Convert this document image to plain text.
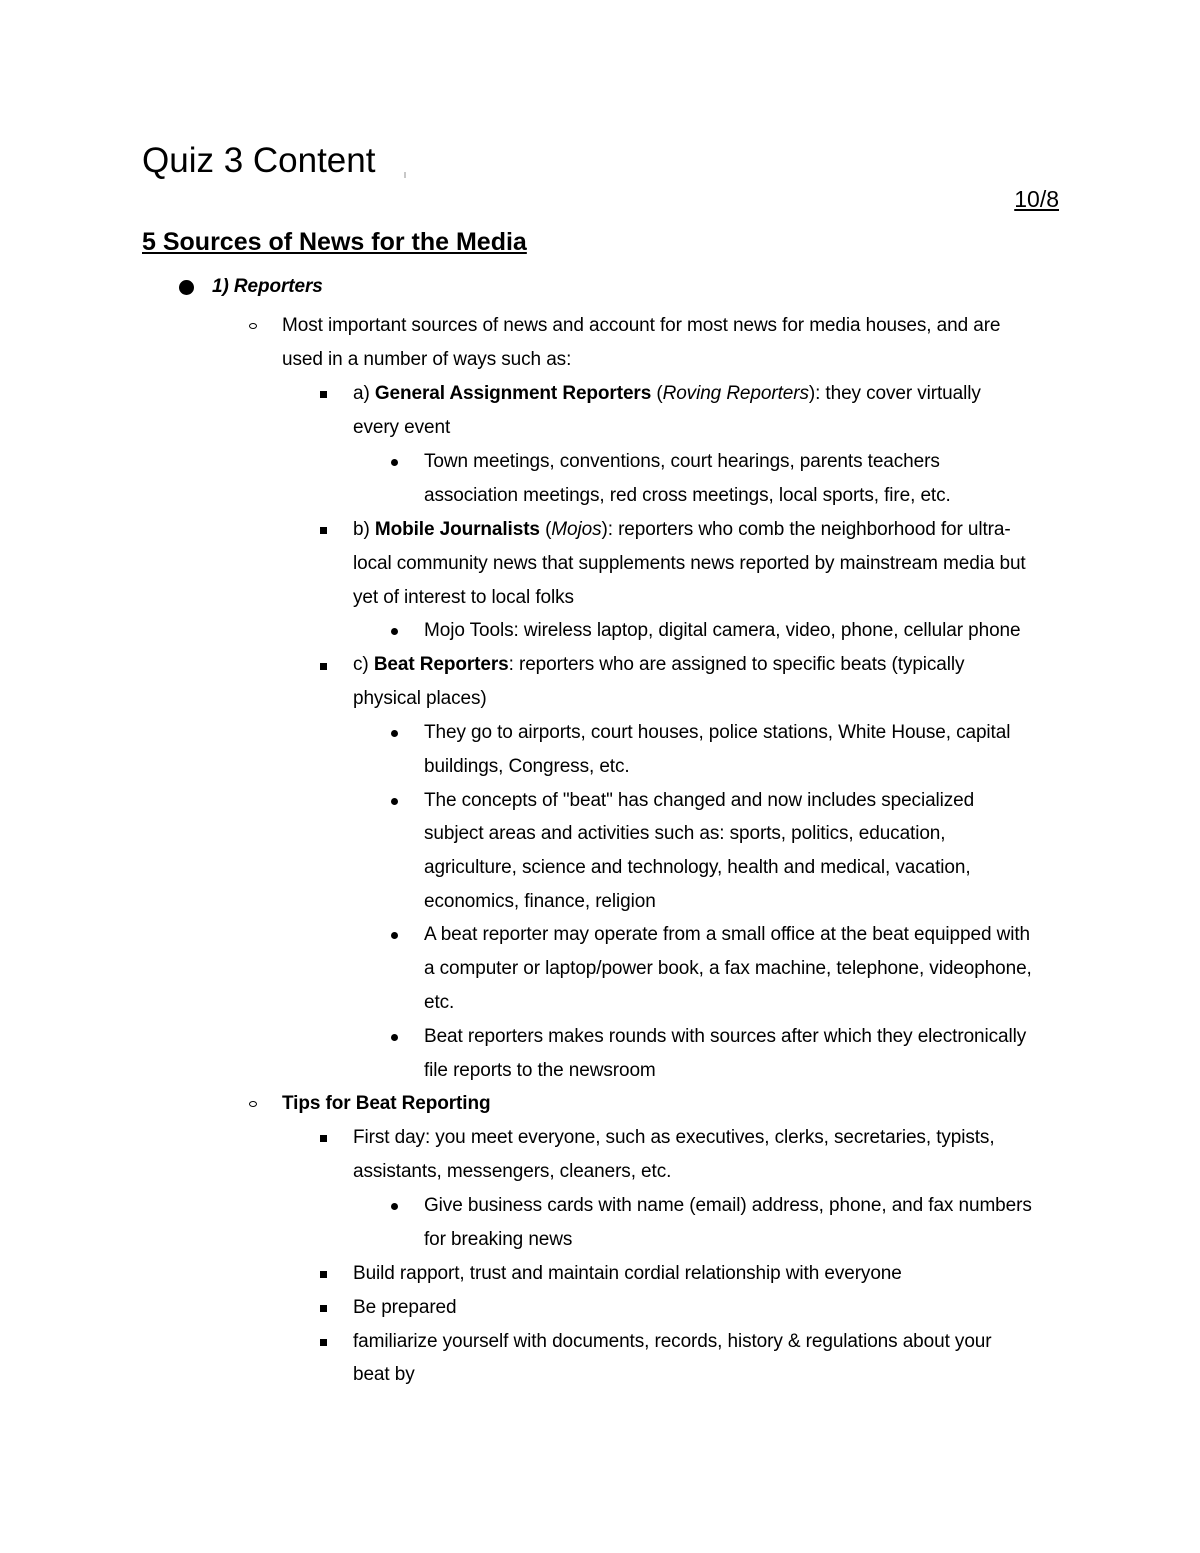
Quiz 3 Content
10/8
5 Sources of News for the Media
1) Reporters
Most important sources of news and account for most news for media houses, and are
used in a number of ways such as:
a) General Assignment Reporters (Roving Reporters): they cover virtually
every event
Town meetings, conventions, court hearings, parents teachers
association meetings, red cross meetings, local sports, fire, etc.
b) Mobile Journalists (Mojos): reporters who comb the neighborhood for ultra-
local community news that supplements news reported by mainstream media but
yet of interest to local folks
Mojo Tools: wireless laptop, digital camera, video, phone, cellular phone
c) Beat Reporters: reporters who are assigned to specific beats (typically
physical places)
They go to airports, court houses, police stations, White House, capital
buildings, Congress, etc.
The concepts of "beat" has changed and now includes specialized
subject areas and activities such as: sports, politics, education,
agriculture, science and technology, health and medical, vacation,
economics, finance, religion
A beat reporter may operate from a small office at the beat equipped with
a computer or laptop/power book, a fax machine, telephone, videophone,
etc.
Beat reporters makes rounds with sources after which they electronically
file reports to the newsroom
Tips for Beat Reporting
First day: you meet everyone, such as executives, clerks, secretaries, typists,
assistants, messengers, cleaners, etc.
Give business cards with name (email) address, phone, and fax numbers
for breaking news
Build rapport, trust and maintain cordial relationship with everyone
Be prepared
familiarize yourself with documents, records, history & regulations about your
beat by
